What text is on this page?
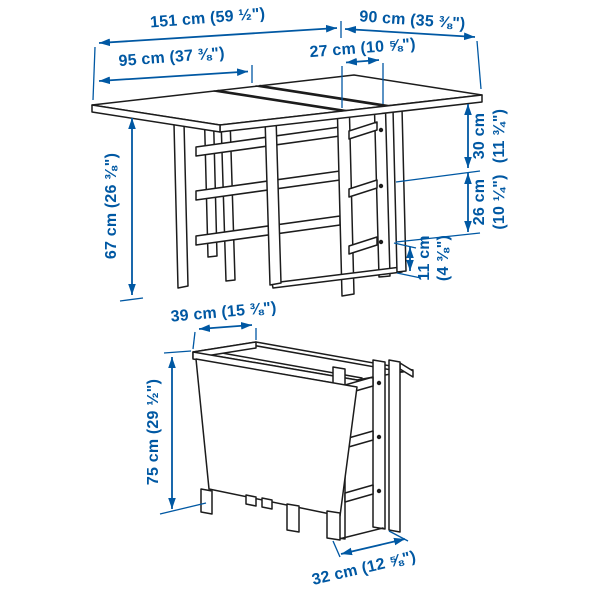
151 cm (59 ½")	90 cm (35 ⅜")
95 cm (37 ⅜")	27 cm (10 ⅝")
30 cm (11 ¾")
26 cm (10 ¼")
11 cm (4 ⅜")
67 cm (26 ⅜")
39 cm (15 ⅜")
75 cm (29 ½")
32 cm (12 ⅝")
